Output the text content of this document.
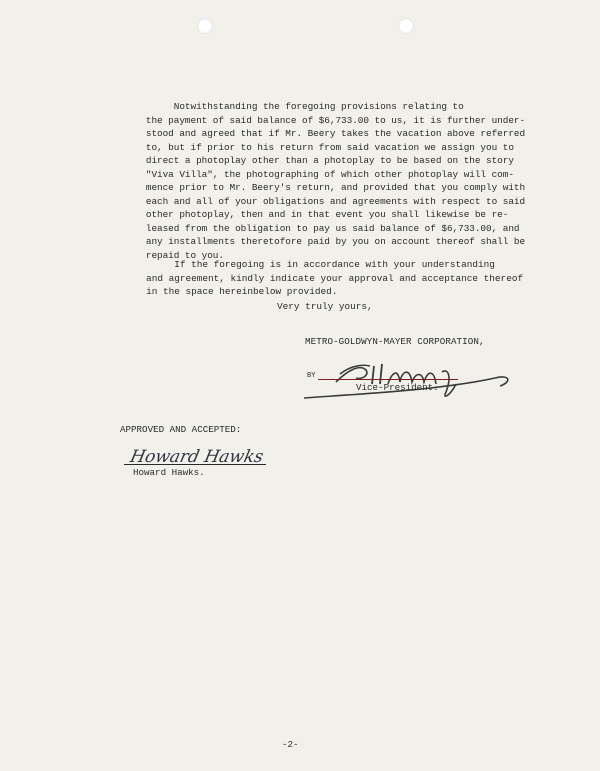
Notwithstanding the foregoing provisions relating to
the payment of said balance of $6,733.00 to us, it is further under-
stood and agreed that if Mr. Beery takes the vacation above referred
to, but if prior to his return from said vacation we assign you to
direct a photoplay other than a photoplay to be based on the story
"Viva Villa", the photographing of which other photoplay will com-
mence prior to Mr. Beery's return, and provided that you comply with
each and all of your obligations and agreements with respect to said
other photoplay, then and in that event you shall likewise be re-
leased from the obligation to pay us said balance of $6,733.00, and
any installments theretofore paid by you on account thereof shall be
repaid to you.
If the foregoing is in accordance with your understanding
and agreement, kindly indicate your approval and acceptance thereof
in the space hereinbelow provided.
Very truly yours,
METRO-GOLDWYN-MAYER CORPORATION,
BY
Vice-President.
APPROVED AND ACCEPTED:
Howard Hawks
Howard Hawks.
-2-
